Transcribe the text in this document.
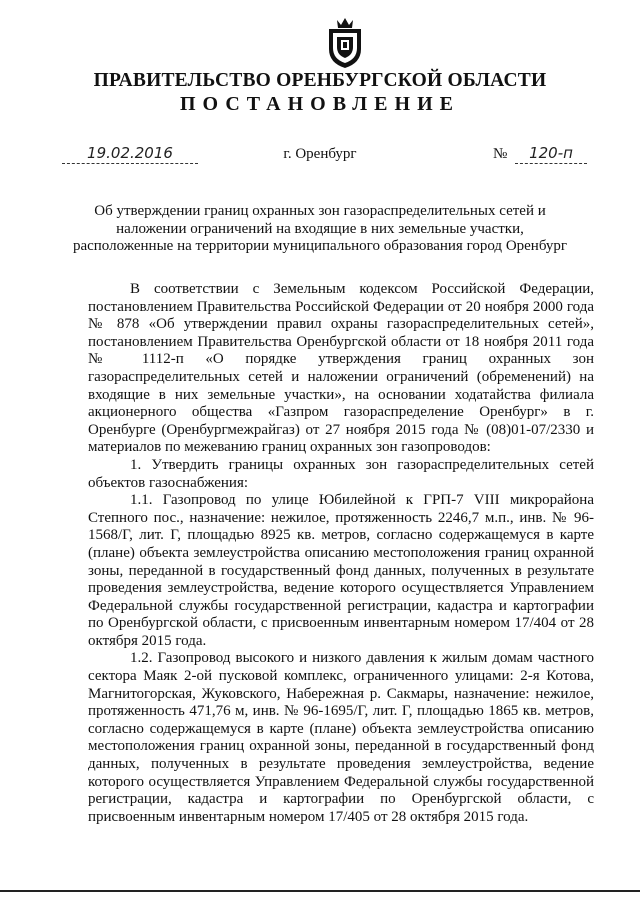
ПРАВИТЕЛЬСТВО ОРЕНБУРГСКОЙ ОБЛАСТИ
ПОСТАНОВЛЕНИЕ
19.02.2016	г. Оренбург	№	120-п
Об утверждении границ охранных зон газораспределительных сетей и наложении ограничений на входящие в них земельные участки, расположенные на территории муниципального образования город Оренбург

В соответствии с Земельным кодексом Российской Федерации, постановлением Правительства Российской Федерации от 20 ноября 2000 года № 878 «Об утверждении правил охраны газораспределительных сетей», постановлением Правительства Оренбургской области от 18 ноября 2011 года № 1112-п «О порядке утверждения границ охранных зон газораспределительных сетей и наложении ограничений (обременений) на входящие в них земельные участки», на основании ходатайства филиала акционерного общества «Газпром газораспределение Оренбург» в г. Оренбурге (Оренбургмежрайгаз) от 27 ноября 2015 года № (08)01-07/2330 и материалов по межеванию границ охранных зон газопроводов:

1. Утвердить границы охранных зон газораспределительных сетей объектов газоснабжения:

1.1. Газопровод по улице Юбилейной к ГРП-7 VIII микрорайона Степного пос., назначение: нежилое, протяженность 2246,7 м.п., инв. № 96-1568/Г, лит. Г, площадью 8925 кв. метров, согласно содержащемуся в карте (плане) объекта землеустройства описанию местоположения границ охранной зоны, переданной в государственный фонд данных, полученных в результате проведения землеустройства, ведение которого осуществляется Управлением Федеральной службы государственной регистрации, кадастра и картографии по Оренбургской области, с присвоенным инвентарным номером 17/404 от 28 октября 2015 года.

1.2. Газопровод высокого и низкого давления к жилым домам частного сектора Маяк 2-ой пусковой комплекс, ограниченного улицами: 2-я Котова, Магнитогорская, Жуковского, Набережная р. Сакмары, назначение: нежилое, протяженность 471,76 м, инв. № 96-1695/Г, лит. Г, площадью 1865 кв. метров, согласно содержащемуся в карте (плане) объекта землеустройства описанию местоположения границ охранной зоны, переданной в государственный фонд данных, полученных в результате проведения землеустройства, ведение которого осуществляется Управлением Федеральной службы государственной регистрации, кадастра и картографии по Оренбургской области, с присвоенным инвентарным номером 17/405 от 28 октября 2015 года.
